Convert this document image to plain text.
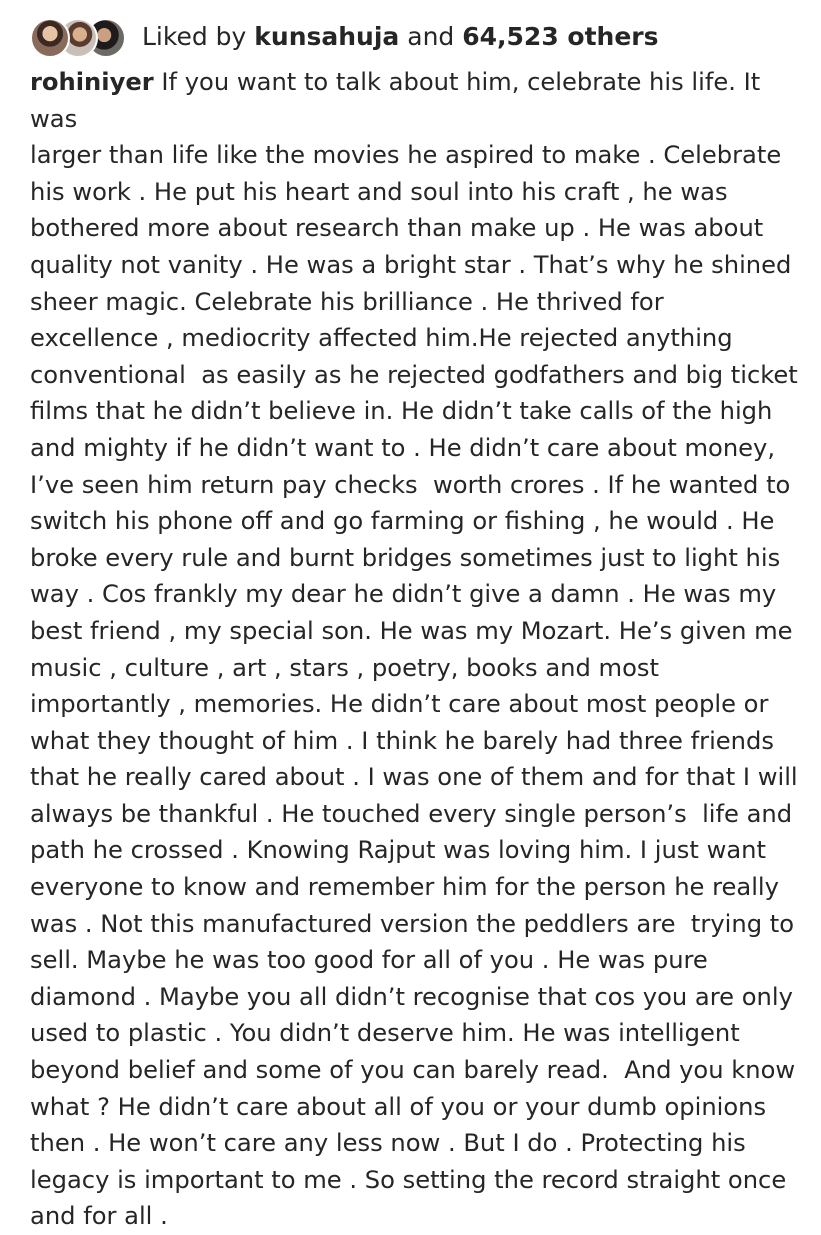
Liked by kunsahuja and 64,523 others

rohiniyer If you want to talk about him, celebrate his life. It was
larger than life like the movies he aspired to make . Celebrate
his work . He put his heart and soul into his craft , he was
bothered more about research than make up . He was about
quality not vanity . He was a bright star . That’s why he shined
sheer magic. Celebrate his brilliance . He thrived for
excellence , mediocrity affected him.He rejected anything
conventional  as easily as he rejected godfathers and big ticket
films that he didn’t believe in. He didn’t take calls of the high
and mighty if he didn’t want to . He didn’t care about money,
I’ve seen him return pay checks  worth crores . If he wanted to
switch his phone off and go farming or fishing , he would . He
broke every rule and burnt bridges sometimes just to light his
way . Cos frankly my dear he didn’t give a damn . He was my
best friend , my special son. He was my Mozart. He’s given me
music , culture , art , stars , poetry, books and most
importantly , memories. He didn’t care about most people or
what they thought of him . I think he barely had three friends
that he really cared about . I was one of them and for that I will
always be thankful . He touched every single person’s  life and
path he crossed . Knowing Rajput was loving him. I just want
everyone to know and remember him for the person he really
was . Not this manufactured version the peddlers are  trying to
sell. Maybe he was too good for all of you . He was pure
diamond . Maybe you all didn’t recognise that cos you are only
used to plastic . You didn’t deserve him. He was intelligent
beyond belief and some of you can barely read.  And you know
what ? He didn’t care about all of you or your dumb opinions
then . He won’t care any less now . But I do . Protecting his
legacy is important to me . So setting the record straight once
and for all .
